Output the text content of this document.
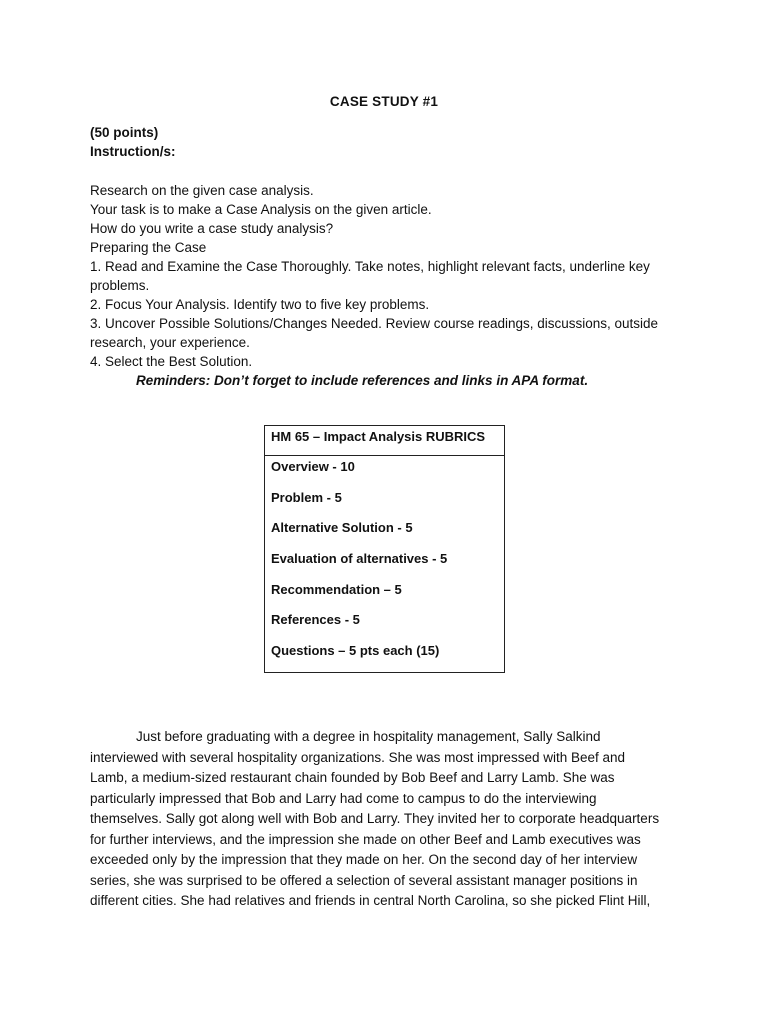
CASE STUDY #1
(50 points)
Instruction/s:
Research on the given case analysis.
Your task is to make a Case Analysis on the given article.
How do you write a case study analysis?
Preparing the Case
1. Read and Examine the Case Thoroughly. Take notes, highlight relevant facts, underline key
problems.
2. Focus Your Analysis. Identify two to five key problems.
3. Uncover Possible Solutions/Changes Needed. Review course readings, discussions, outside
research, your experience.
4. Select the Best Solution.
Reminders: Don’t forget to include references and links in APA format.
HM 65 – Impact Analysis RUBRICS
Overview - 10
Problem - 5
Alternative Solution - 5
Evaluation of alternatives - 5
Recommendation – 5
References - 5
Questions – 5 pts each (15)
Just before graduating with a degree in hospitality management, Sally Salkind
interviewed with several hospitality organizations. She was most impressed with Beef and
Lamb, a medium-sized restaurant chain founded by Bob Beef and Larry Lamb. She was
particularly impressed that Bob and Larry had come to campus to do the interviewing
themselves. Sally got along well with Bob and Larry. They invited her to corporate headquarters
for further interviews, and the impression she made on other Beef and Lamb executives was
exceeded only by the impression that they made on her. On the second day of her interview
series, she was surprised to be offered a selection of several assistant manager positions in
different cities. She had relatives and friends in central North Carolina, so she picked Flint Hill,
